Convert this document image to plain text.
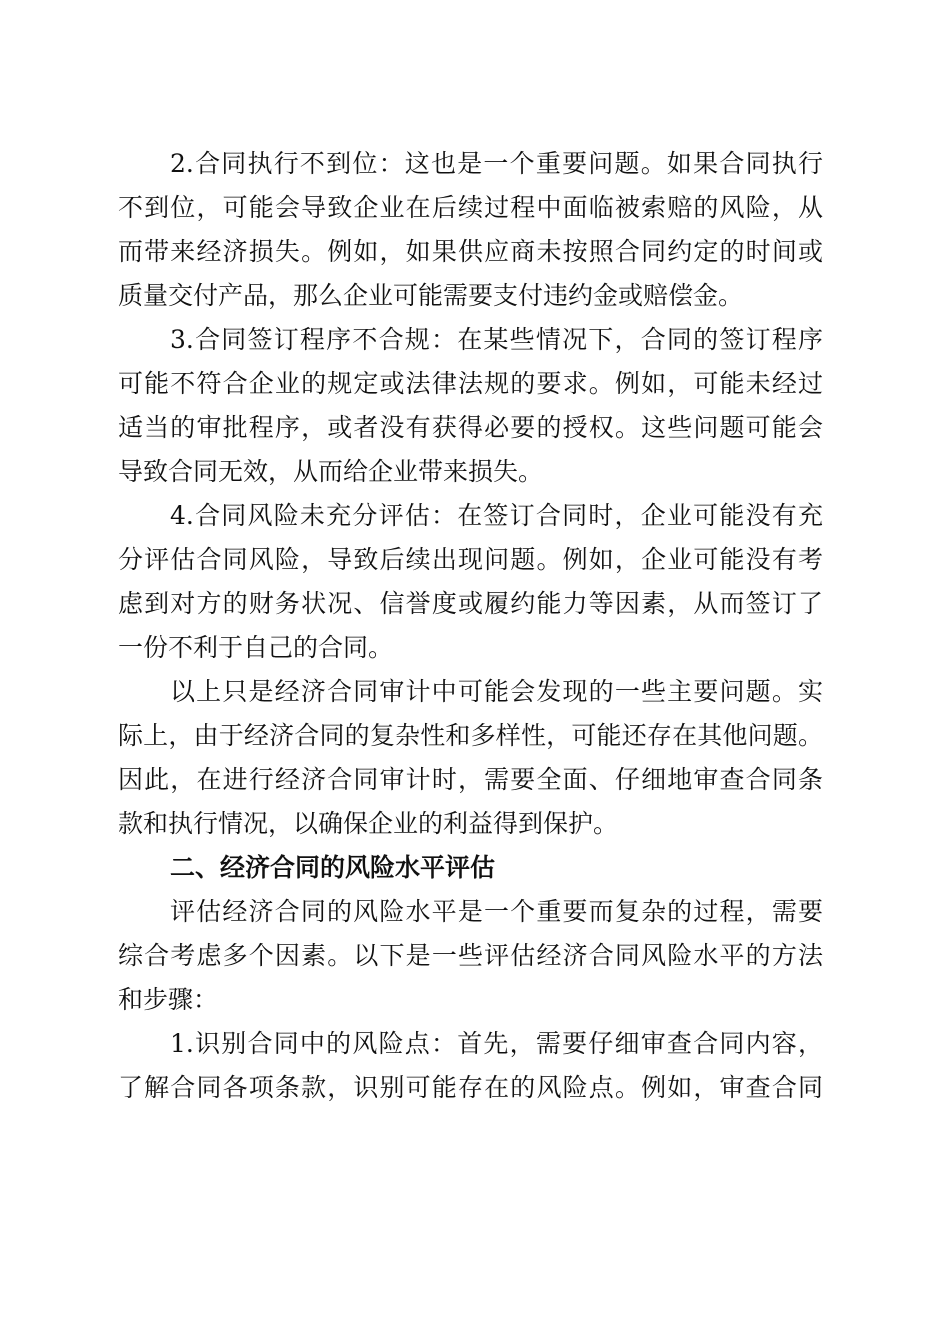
2.合同执行不到位：这也是一个重要问题。如果合同执行

不到位，可能会导致企业在后续过程中面临被索赔的风险，从

而带来经济损失。例如，如果供应商未按照合同约定的时间或

质量交付产品，那么企业可能需要支付违约金或赔偿金。

3.合同签订程序不合规：在某些情况下，合同的签订程序

可能不符合企业的规定或法律法规的要求。例如，可能未经过

适当的审批程序，或者没有获得必要的授权。这些问题可能会

导致合同无效，从而给企业带来损失。

4.合同风险未充分评估：在签订合同时，企业可能没有充

分评估合同风险，导致后续出现问题。例如，企业可能没有考

虑到对方的财务状况、信誉度或履约能力等因素，从而签订了

一份不利于自己的合同。

以上只是经济合同审计中可能会发现的一些主要问题。实

际上，由于经济合同的复杂性和多样性，可能还存在其他问题。

因此，在进行经济合同审计时，需要全面、仔细地审查合同条

款和执行情况，以确保企业的利益得到保护。

二、经济合同的风险水平评估

评估经济合同的风险水平是一个重要而复杂的过程，需要

综合考虑多个因素。以下是一些评估经济合同风险水平的方法

和步骤：

1.识别合同中的风险点：首先，需要仔细审查合同内容，

了解合同各项条款，识别可能存在的风险点。例如，审查合同
